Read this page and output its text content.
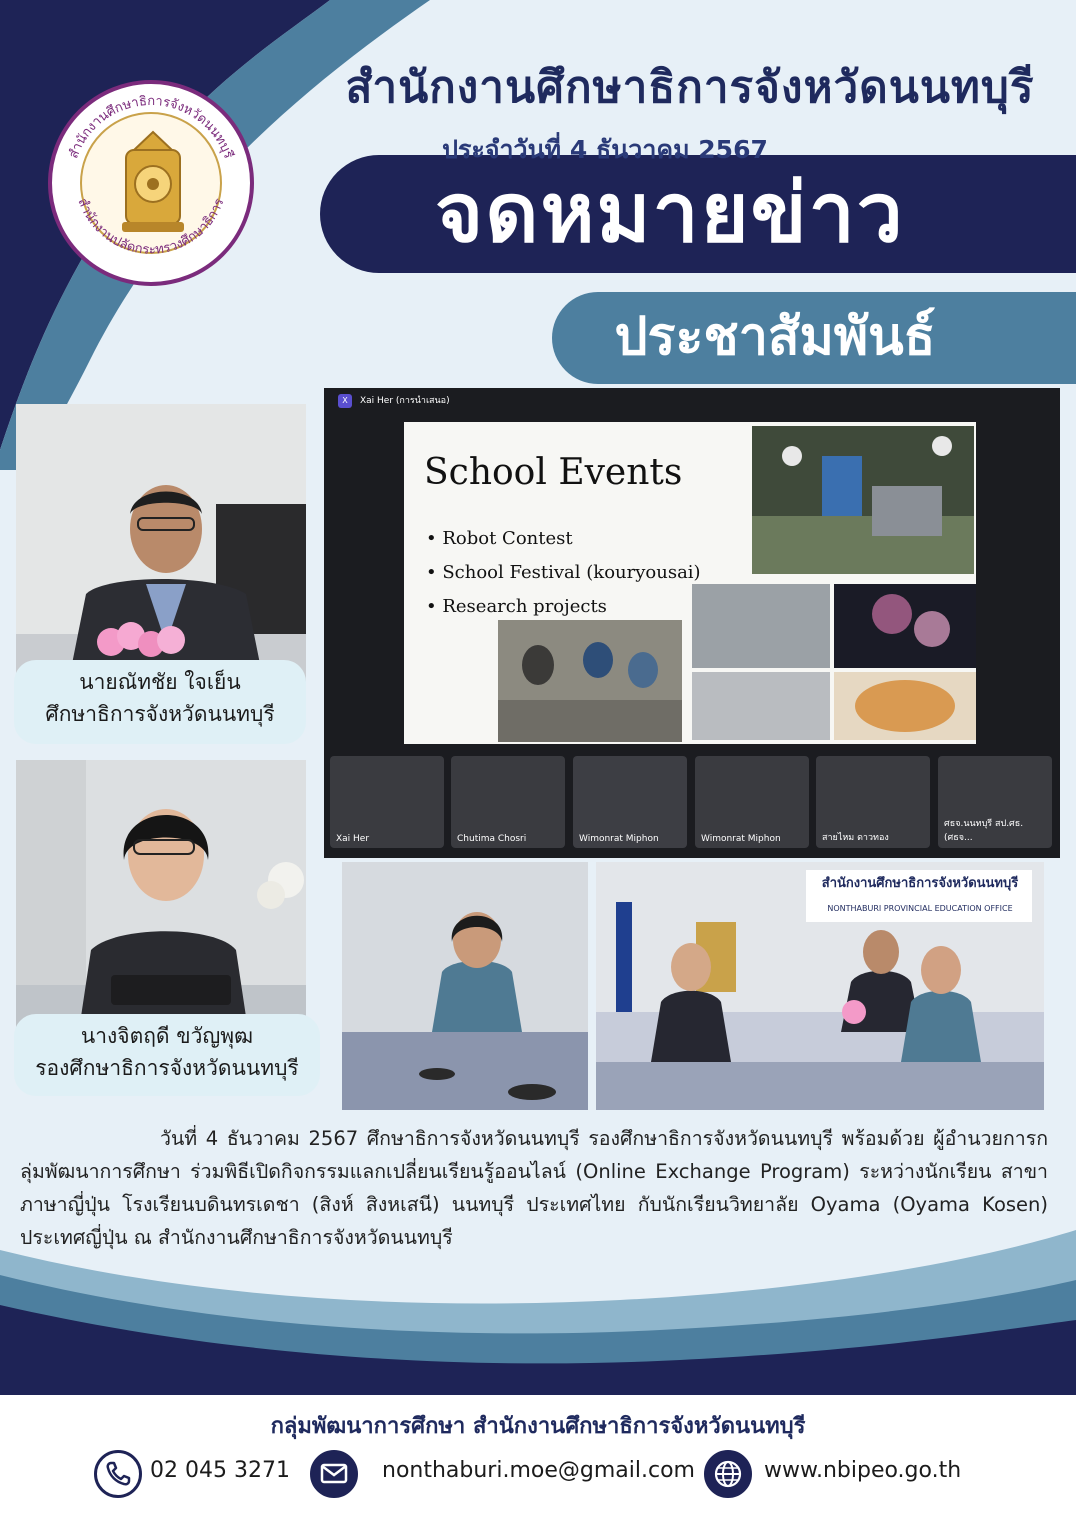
สำนักงานศึกษาธิการจังหวัดนนทบุรี
สำนักงานปลัดกระทรวงศึกษาธิการ
สำนักงานศึกษาธิการจังหวัดนนทบุรี
จดหมายข่าว
ประจำวันที่ 4 ธันวาคม 2567
ประชาสัมพันธ์
นายณัทชัย ใจเย็น
ศึกษาธิการจังหวัดนนทบุรี
นางจิตฤดี ขวัญพุฒ
รองศึกษาธิการจังหวัดนนทบุรี
X	Xai Her (การนำเสนอ)
School Events
• Robot Contest
• School Festival (kouryousai)
• Research projects
Xai Her	Chutima Chosri	Wimonrat Miphon	Wimonrat Miphon	สายไหม ดาวทอง
ศธจ.นนทบุรี สป.ศธ. (ศธจ...
สำนักงานศึกษาธิการจังหวัดนนทบุรี
NONTHABURI PROVINCIAL EDUCATION OFFICE
วันที่ 4 ธันวาคม 2567 ศึกษาธิการจังหวัดนนทบุรี รองศึกษาธิการจังหวัดนนทบุรี พร้อมด้วย ผู้อำนวยการกลุ่มพัฒนาการศึกษา ร่วมพิธีเปิดกิจกรรมแลกเปลี่ยนเรียนรู้ออนไลน์ (Online Exchange Program) ระหว่างนักเรียน สาขา ภาษาญี่ปุ่น โรงเรียนบดินทรเดชา (สิงห์ สิงหเสนี) นนทบุรี ประเทศไทย กับนักเรียนวิทยาลัย Oyama (Oyama Kosen) ประเทศญี่ปุ่น ณ สำนักงานศึกษาธิการจังหวัดนนทบุรี
กลุ่มพัฒนาการศึกษา สำนักงานศึกษาธิการจังหวัดนนทบุรี
02 045 3271	nonthaburi.moe@gmail.com	www.nbipeo.go.th
